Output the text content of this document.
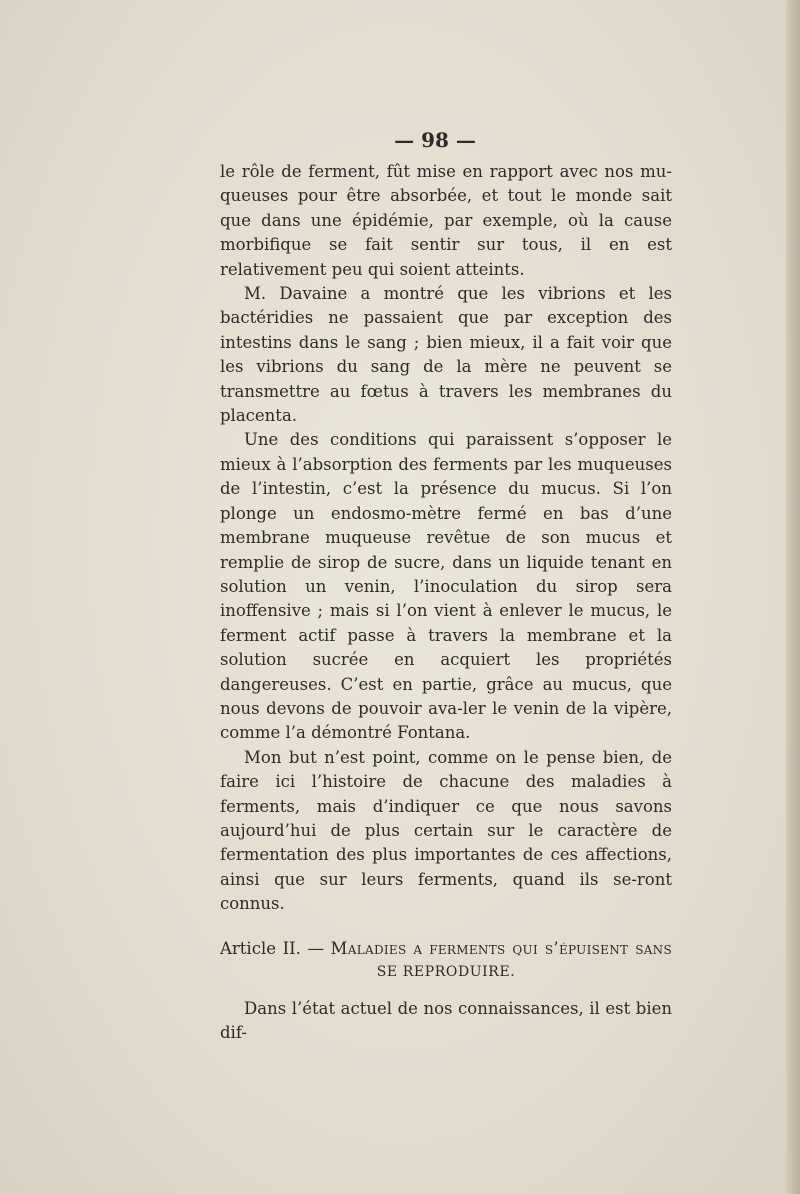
— 98 —

le rôle de ferment, fût mise en rapport avec nos mu-queuses pour être absorbée, et tout le monde sait que dans une épidémie, par exemple, où la cause morbifique se fait sentir sur tous, il en est relativement peu qui soient atteints.

M. Davaine a montré que les vibrions et les bactéridies ne passaient que par exception des intestins dans le sang ; bien mieux, il a fait voir que les vibrions du sang de la mère ne peuvent se transmettre au fœtus à travers les membranes du placenta.

Une des conditions qui paraissent s’opposer le mieux à l’absorption des ferments par les muqueuses de l’intestin, c’est la présence du mucus. Si l’on plonge un endosmo-mètre fermé en bas d’une membrane muqueuse revêtue de son mucus et remplie de sirop de sucre, dans un liquide tenant en solution un venin, l’inoculation du sirop sera inoffensive ; mais si l’on vient à enlever le mucus, le ferment actif passe à travers la membrane et la solution sucrée en acquiert les propriétés dangereuses. C’est en partie, grâce au mucus, que nous devons de pouvoir ava-ler le venin de la vipère, comme l’a démontré Fontana.

Mon but n’est point, comme on le pense bien, de faire ici l’histoire de chacune des maladies à ferments, mais d’indiquer ce que nous savons aujourd’hui de plus certain sur le caractère de fermentation des plus importantes de ces affections, ainsi que sur leurs ferments, quand ils se-ront connus.

Article II. — Maladies a ferments qui s’épuisent sans

SE REPRODUIRE.

Dans l’état actuel de nos connaissances, il est bien dif-
